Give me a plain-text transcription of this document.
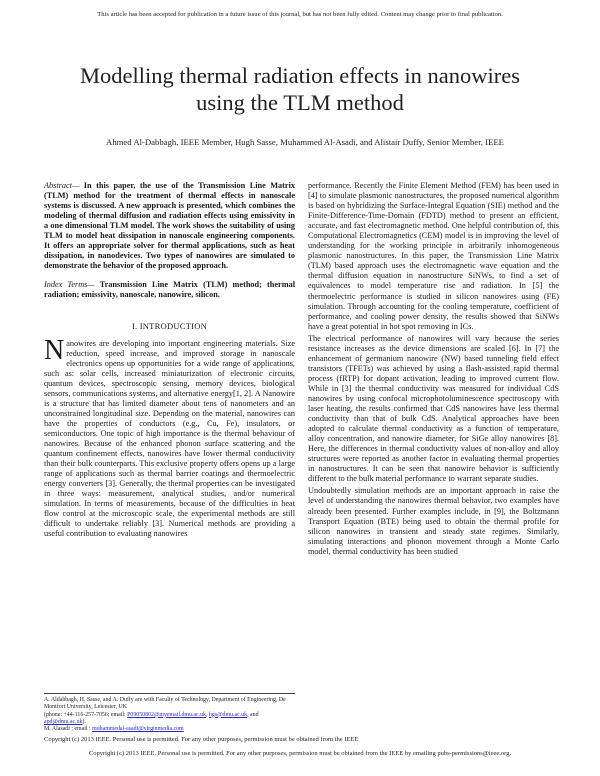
This article has been accepted for publication in a future issue of this journal, but has not been fully edited. Content may change prior to final publication.
Modelling thermal radiation effects in nanowires using the TLM method
Ahmed Al-Dabbagh, IEEE Member, Hugh Sasse, Muhammed Al-Asadi, and Alistair Duffy, Senior Member, IEEE

Abstract— In this paper, the use of the Transmission Line Matrix (TLM) method for the treatment of thermal effects in nanoscale systems is discussed. A new approach is presented, which combines the modeling of thermal diffusion and radiation effects using emissivity in a one dimensional TLM model. The work shows the suitability of using TLM to model heat dissipation in nanoscale engineering components. It offers an appropriate solver for thermal applications, such as heat dissipation, in nanodevices. Two types of nanowires are simulated to demonstrate the behavior of the proposed approach.

Index Terms— Transmission Line Matrix (TLM) method; thermal radiation; emissivity, nanoscale, nanowire, silicon.

I. INTRODUCTION

Nanowires are developing into important engineering materials. Size reduction, speed increase, and improved storage in nanoscale electronics opens up opportunities for a wide range of applications, such as: solar cells, increased miniaturization of electronic circuits, quantum devices, spectroscopic sensing, memory devices, biological sensors, communications systems, and alternative energy[1, 2]. A Nanowire is a structure that has limited diameter about tens of nanometers and an unconstrained longitudinal size. Depending on the material, nanowires can have the properties of conductors (e.g., Cu, Fe), insulators, or semiconductors. One topic of high importance is the thermal behaviour of nanowires. Because of the enhanced phonon surface scattering and the quantum confinement effects, nanowires have lower thermal conductivity than their bulk counterparts. This exclusive property offers opens up a large range of applications such as thermal barrier coatings and thermoelectric energy converters [3]. Generally, the thermal properties can be investigated in three ways: measurement, analytical studies, and/or numerical simulation. In terms of measurements, because of the difficulties in heat flow control at the microscopic scale, the experimental methods are still difficult to undertake reliably [3]. Numerical methods are providing a useful contribution to evaluating nanowires

performance. Recently the Finite Element Method (FEM) has been used in [4] to simulate plasmonic nanostructures, the proposed numerical algorithm is based on hybridizing the Surface-Integral Equation (SIE) method and the Finite-Difference-Time-Domain (FDTD) method to present an efficient, accurate, and fast electromagnetic method. One helpful contribution of, this Computational Electromagnetics (CEM) model is in improving the level of understanding for the working principle in arbitrarily inhomogeneous plasmonic nanostructures. In this paper, the Transmission Line Matrix (TLM) based approach uses the electromagnetic wave equation and the thermal diffusion equation in nanostructure SiNWs, to find a set of equivalences to model temperature rise and radiation. In [5] the thermoelectric performance is studied in silicon nanowires using (FE) simulation. Through accounting for the cooling temperature, coefficient of performance, and cooling power density, the results showed that SiNWs have a great potential in hot spot removing in ICs.

The electrical performance of nanowires will vary because the series resistance increases as the device dimensions are scaled [6]. In [7] the enhancement of germanium nanowire (NW) based tunneling field effect transistors (TFETs) was achieved by using a flash-assisted rapid thermal process (fRTP) for dopant activation, leading to improved current flow. While in [3] the thermal conductivity was measured for individual CdS nanowires by using confocal microphotoluminescence spectroscopy with laser heating, the results confirmed that CdS nanowires have less thermal conductivity than that of bulk CdS. Analytical approaches have been adopted to calculate thermal conductivity as a function of temperature, alloy concentration, and nanowire diameter, for SiGe alloy nanowires [8]. Here, the differences in thermal conductivity values of non-alloy and alloy structures were reported as another factor in evaluating thermal properties in nanostructures. It can be seen that nanowire behavior is sufficiently different to the bulk material performance to warrant separate studies.

Undoubtedly simulation methods are an important approach in raise the level of understanding the nanowires thermal behavior, two examples have already been presented. Further examples include, in [9], the Boltzmann Transport Equation (BTE) being used to obtain the thermal profile for silicon nanowires in transient and steady state regimes. Similarly, simulating interactions and phonon movement through a Monte Carlo model, thermal conductivity has been studied

A. Aldabbagh, H. Sasse, and A. Duffy are with Faculty of Technology, Department of Engineering, De Montfort University, Leicester, UK
(phone: +44-116-257-7056; email: P09050802@myemail.dmu.ac.uk, hgs@dmu.ac.uk, and apd@dmu.ac.uk).
M. Alasadi ; email : muhammedal-asadi@virginmedia.com
Copyright (c) 2013 IEEE. Personal use is permitted. For any other purposes, permission must be obtained from the IEEE
Copyright (c) 2013 IEEE. Personal use is permitted. For any other purposes, permission must be obtained from the IEEE by emailing pubs-permissions@ieee.org.
